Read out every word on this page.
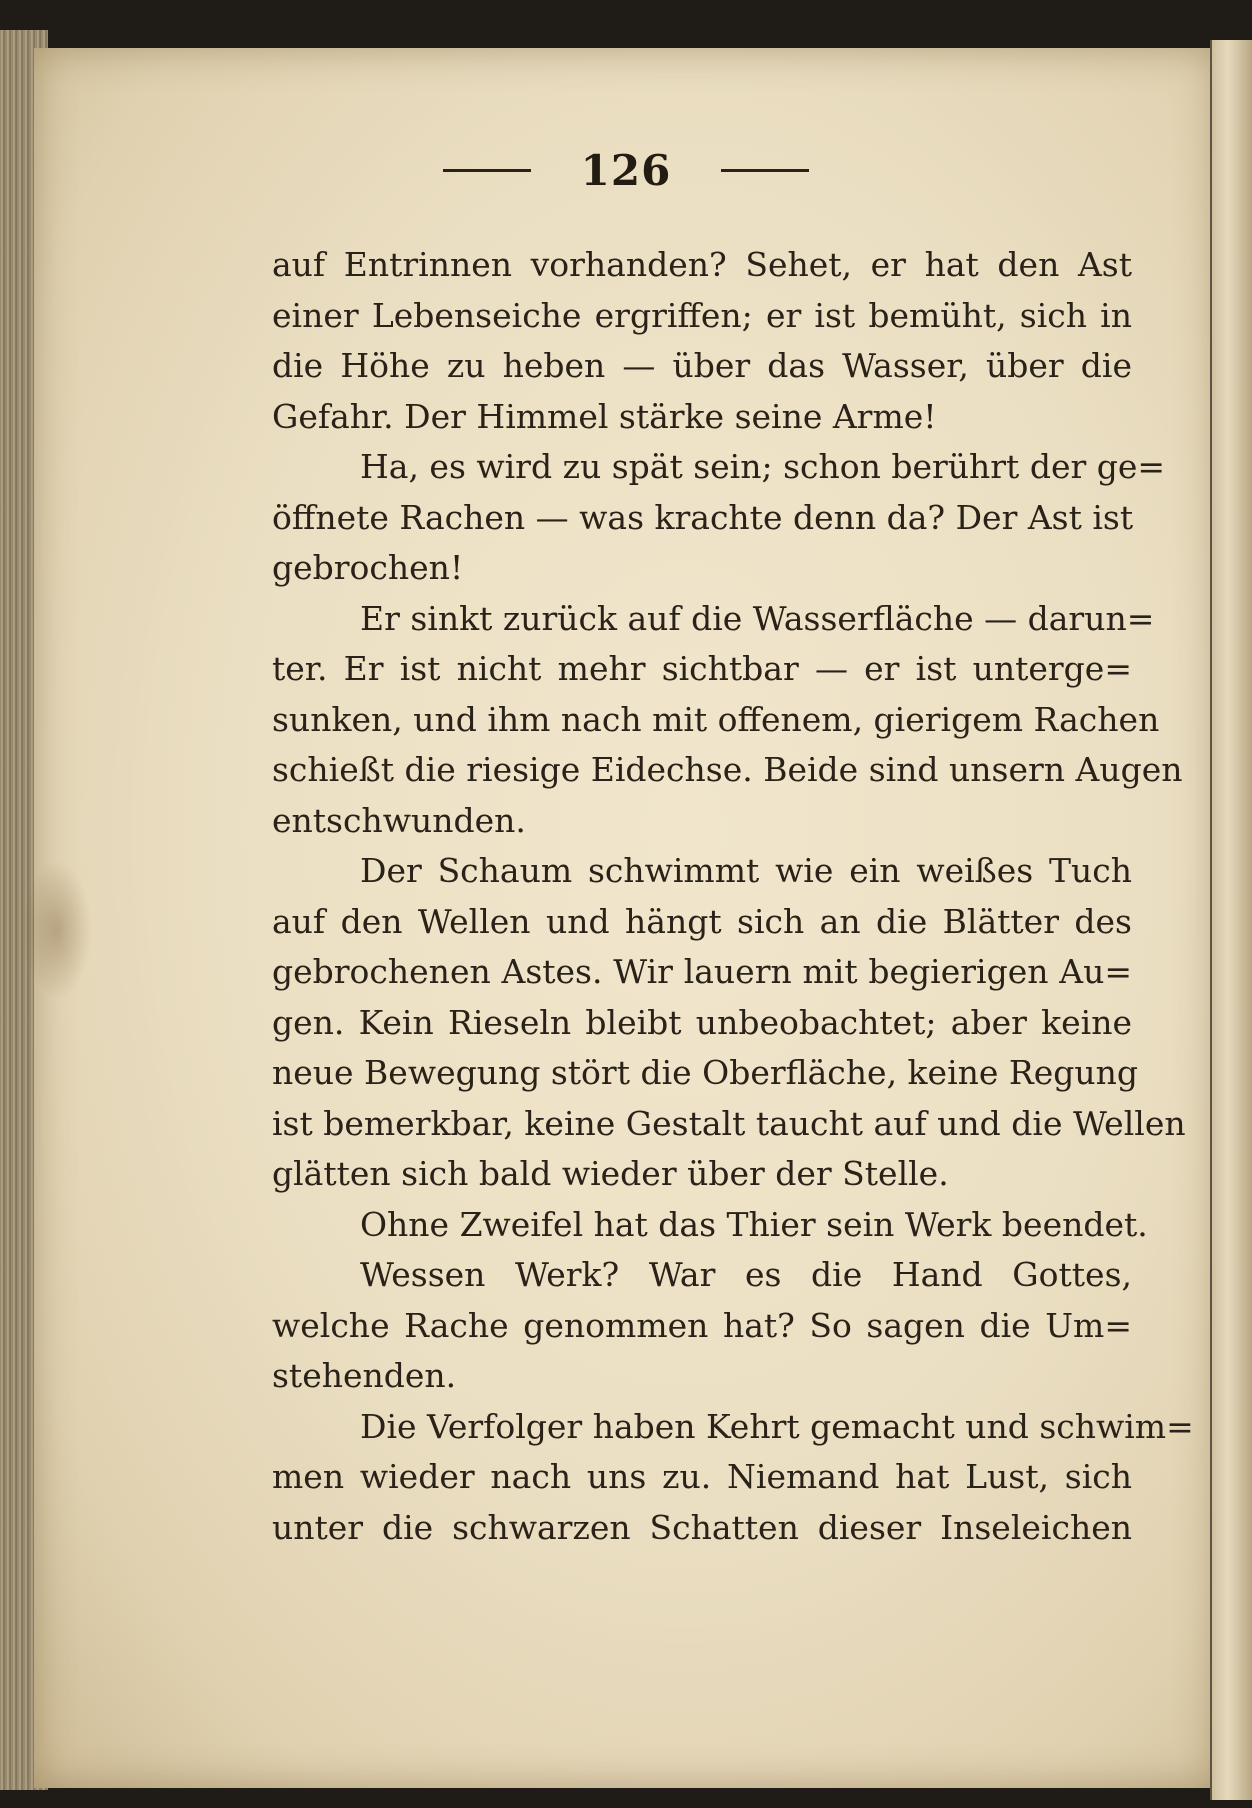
126
auf Entrinnen vorhanden? Sehet, er hat den Ast
einer Lebenseiche ergriffen; er ist bemüht, sich in
die Höhe zu heben — über das Wasser, über die
Gefahr. Der Himmel stärke seine Arme!
Ha, es wird zu spät sein; schon berührt der ge=
öffnete Rachen — was krachte denn da? Der Ast ist
gebrochen!
Er sinkt zurück auf die Wasserfläche — darun=
ter. Er ist nicht mehr sichtbar — er ist unterge=
sunken, und ihm nach mit offenem, gierigem Rachen
schießt die riesige Eidechse. Beide sind unsern Augen
entschwunden.
Der Schaum schwimmt wie ein weißes Tuch
auf den Wellen und hängt sich an die Blätter des
gebrochenen Astes. Wir lauern mit begierigen Au=
gen. Kein Rieseln bleibt unbeobachtet; aber keine
neue Bewegung stört die Oberfläche, keine Regung
ist bemerkbar, keine Gestalt taucht auf und die Wellen
glätten sich bald wieder über der Stelle.
Ohne Zweifel hat das Thier sein Werk beendet.
Wessen Werk? War es die Hand Gottes,
welche Rache genommen hat? So sagen die Um=
stehenden.
Die Verfolger haben Kehrt gemacht und schwim=
men wieder nach uns zu. Niemand hat Lust, sich
unter die schwarzen Schatten dieser Inseleichen
